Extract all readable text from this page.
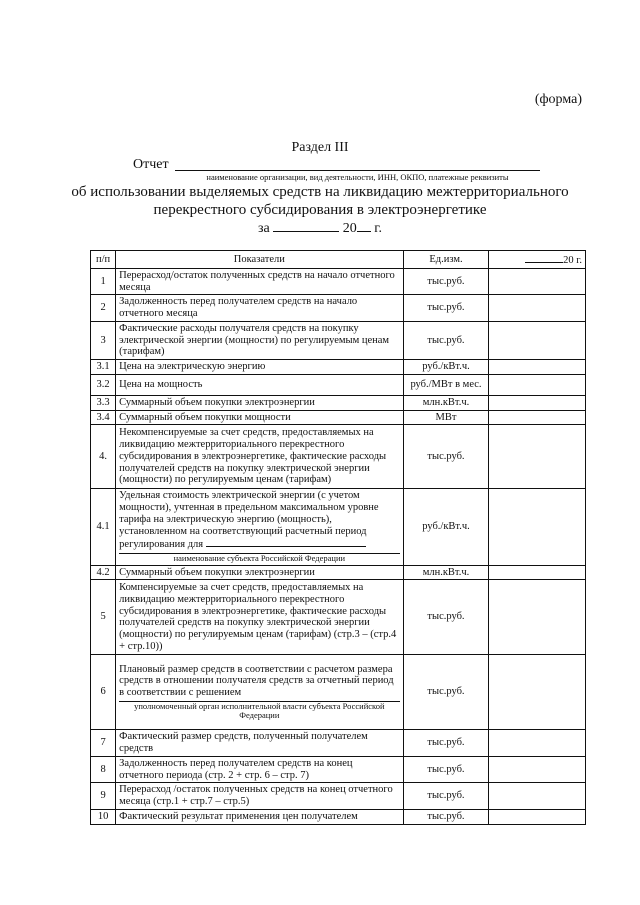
(форма)
Раздел III
Отчет
наименование организации, вид деятельности, ИНН, ОКПО, платежные реквизиты
об использовании выделяемых средств на ликвидацию межтерриториального
перекрестного субсидирования в электроэнергетике
за	20 г.
п/п	Показатели	Ед.изм.	20 г.
1	Перерасход/остаток полученных средств на начало отчетного месяца	тыс.руб.	
2	Задолженность перед получателем средств на начало отчетного месяца	тыс.руб.	
3	Фактические расходы получателя средств на покупку электрической энергии (мощности) по регулируемым ценам (тарифам)	тыс.руб.	
3.1	Цена на электрическую энергию	руб./кВт.ч.	
3.2	Цена на мощность	руб./МВт в мес.	
3.3	Суммарный объем покупки электроэнергии	млн.кВт.ч.	
3.4	Суммарный объем покупки мощности	МВт	
4.	Некомпенсируемые за счет средств, предоставляемых на ликвидацию межтерриториального перекрестного субсидирования в электроэнергетике, фактические расходы получателей средств на покупку электрической энергии (мощности) по регулируемым ценам (тарифам)	тыс.руб.	
4.1	Удельная стоимость электрической энергии (с учетом мощности), учтенная в предельном максимальном уровне тарифа на электрическую энергию (мощность), установленном на соответствующий расчетный период регулирования для
наименование субъекта Российской Федерации	руб./кВт.ч.	
4.2	Суммарный объем покупки электроэнергии	млн.кВт.ч.	
5	Компенсируемые за счет средств, предоставляемых на ликвидацию межтерриториального перекрестного субсидирования в электроэнергетике, фактические расходы получателей средств на покупку электрической энергии (мощности) по регулируемым ценам (тарифам) (стр.3 – (стр.4 + стр.10))	тыс.руб.	
6	Плановый размер средств в соответствии с расчетом размера средств в отношении получателя средств за отчетный период в соответствии с решением
уполномоченный орган исполнительной власти субъекта Российской Федерации	тыс.руб.	
7	Фактический размер средств, полученный получателем средств	тыс.руб.	
8	Задолженность перед получателем средств на конец отчетного периода (стр. 2 + стр. 6 – стр. 7)	тыс.руб.	
9	Перерасход /остаток полученных средств на конец отчетного месяца (стр.1 + стр.7 – стр.5)	тыс.руб.	
10	Фактический результат применения цен получателем	тыс.руб.	
